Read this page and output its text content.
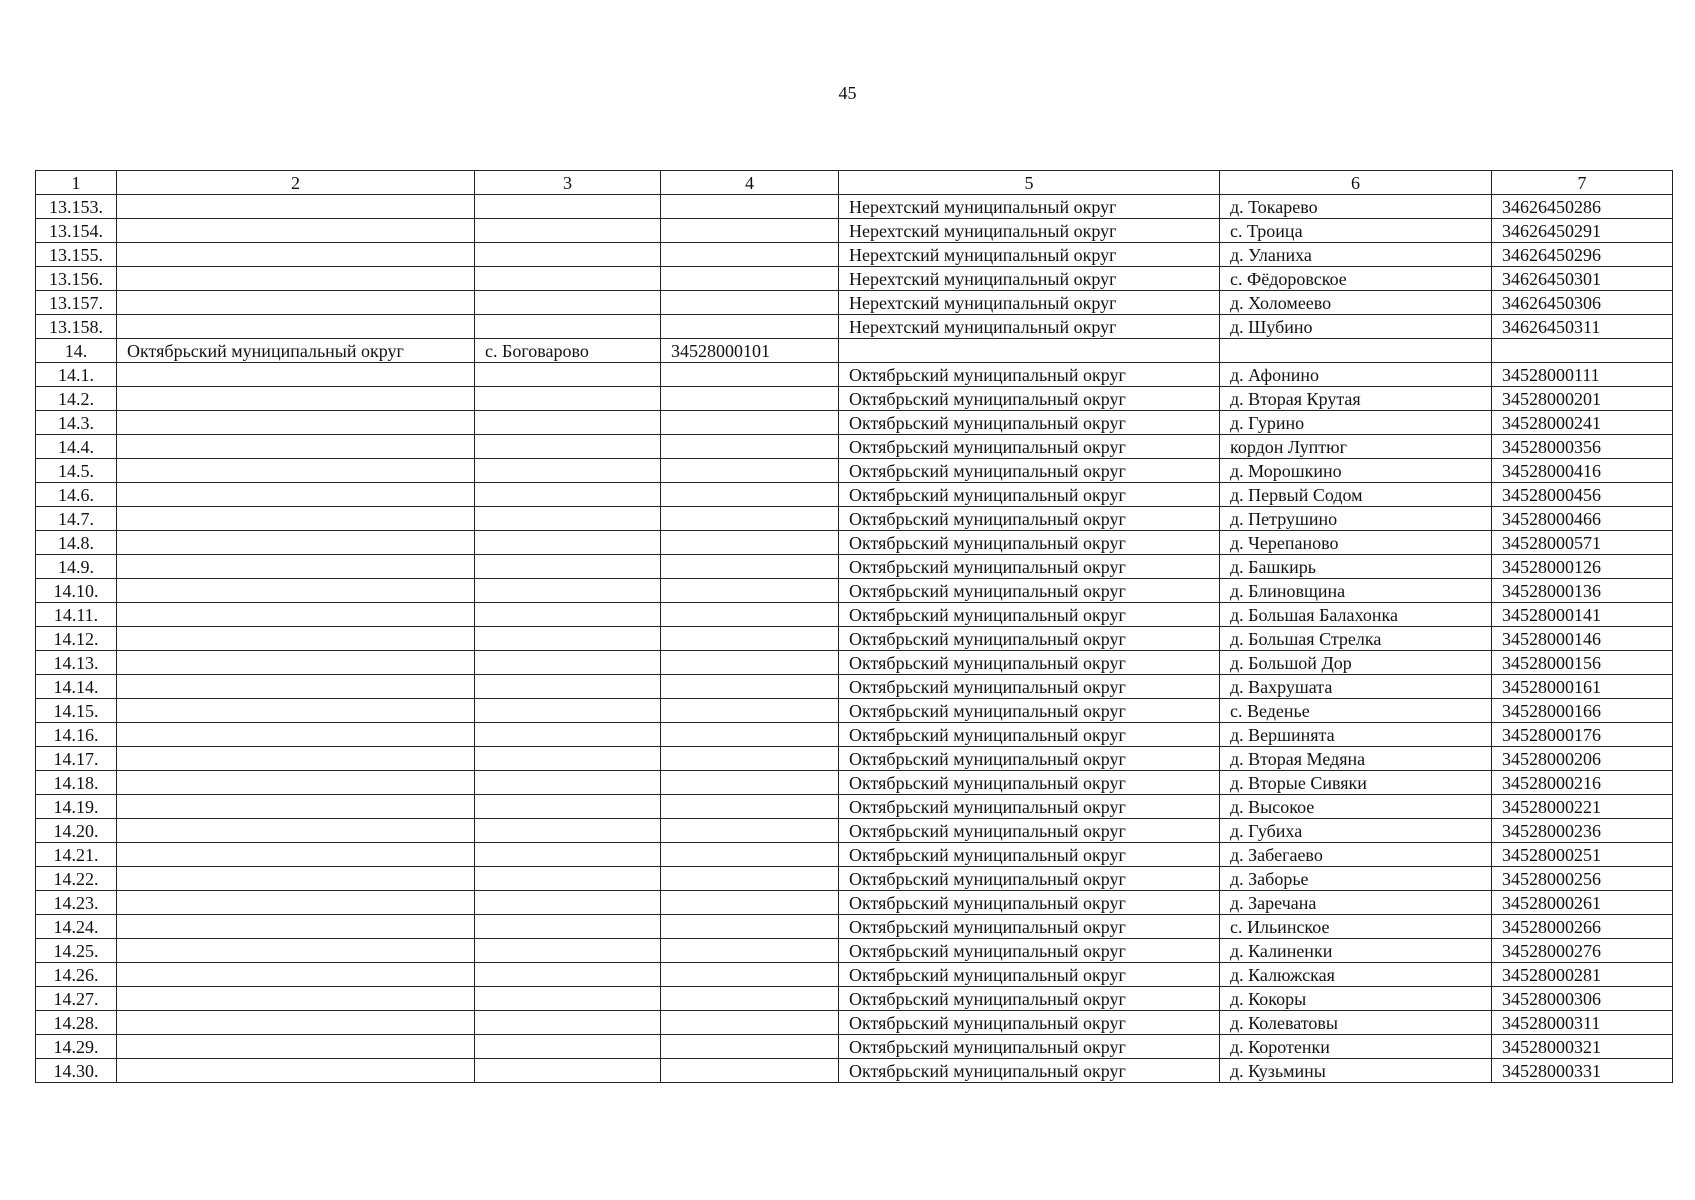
45
1	2	3	4	5	6	7
13.153.				Нерехтский муниципальный округ	д. Токарево	34626450286
13.154.				Нерехтский муниципальный округ	с. Троица	34626450291
13.155.				Нерехтский муниципальный округ	д. Уланиха	34626450296
13.156.				Нерехтский муниципальный округ	с. Фёдоровское	34626450301
13.157.				Нерехтский муниципальный округ	д. Холомеево	34626450306
13.158.				Нерехтский муниципальный округ	д. Шубино	34626450311
14.	Октябрьский муниципальный округ	с. Боговарово	34528000101			
14.1.				Октябрьский муниципальный округ	д. Афонино	34528000111
14.2.				Октябрьский муниципальный округ	д. Вторая Крутая	34528000201
14.3.				Октябрьский муниципальный округ	д. Гурино	34528000241
14.4.				Октябрьский муниципальный округ	кордон Луптюг	34528000356
14.5.				Октябрьский муниципальный округ	д. Морошкино	34528000416
14.6.				Октябрьский муниципальный округ	д. Первый Содом	34528000456
14.7.				Октябрьский муниципальный округ	д. Петрушино	34528000466
14.8.				Октябрьский муниципальный округ	д. Черепаново	34528000571
14.9.				Октябрьский муниципальный округ	д. Башкирь	34528000126
14.10.				Октябрьский муниципальный округ	д. Блиновщина	34528000136
14.11.				Октябрьский муниципальный округ	д. Большая Балахонка	34528000141
14.12.				Октябрьский муниципальный округ	д. Большая Стрелка	34528000146
14.13.				Октябрьский муниципальный округ	д. Большой Дор	34528000156
14.14.				Октябрьский муниципальный округ	д. Вахрушата	34528000161
14.15.				Октябрьский муниципальный округ	с. Веденье	34528000166
14.16.				Октябрьский муниципальный округ	д. Вершинята	34528000176
14.17.				Октябрьский муниципальный округ	д. Вторая Медяна	34528000206
14.18.				Октябрьский муниципальный округ	д. Вторые Сивяки	34528000216
14.19.				Октябрьский муниципальный округ	д. Высокое	34528000221
14.20.				Октябрьский муниципальный округ	д. Губиха	34528000236
14.21.				Октябрьский муниципальный округ	д. Забегаево	34528000251
14.22.				Октябрьский муниципальный округ	д. Заборье	34528000256
14.23.				Октябрьский муниципальный округ	д. Заречана	34528000261
14.24.				Октябрьский муниципальный округ	с. Ильинское	34528000266
14.25.				Октябрьский муниципальный округ	д. Калиненки	34528000276
14.26.				Октябрьский муниципальный округ	д. Калюжская	34528000281
14.27.				Октябрьский муниципальный округ	д. Кокоры	34528000306
14.28.				Октябрьский муниципальный округ	д. Колеватовы	34528000311
14.29.				Октябрьский муниципальный округ	д. Коротенки	34528000321
14.30.				Октябрьский муниципальный округ	д. Кузьмины	34528000331
